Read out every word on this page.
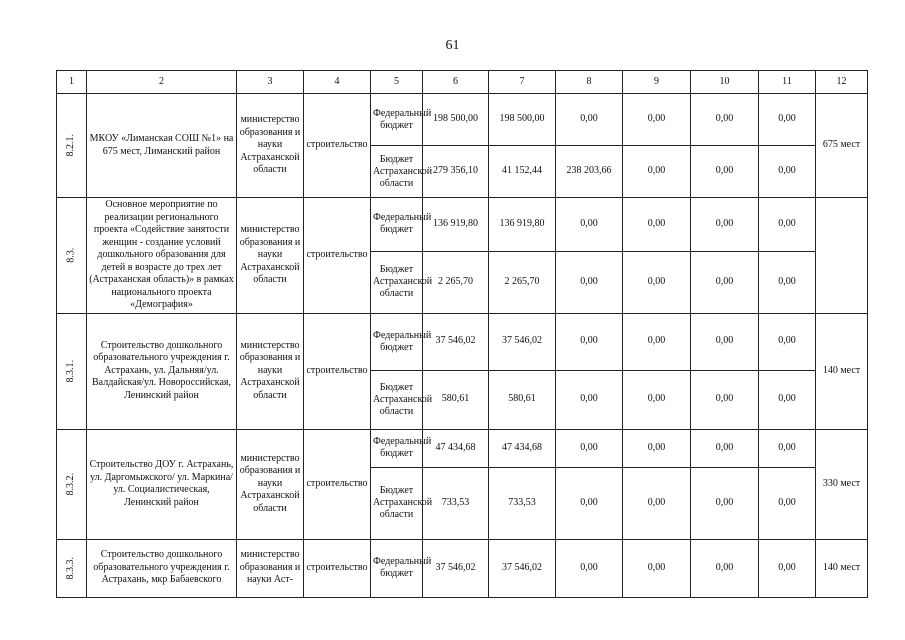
61
1	2	3	4	5	6	7	8	9	10	11	12
8.2.1.	МКОУ «Лиманская СОШ №1» на 675 мест, Лиманский район	министерство образования и науки Астраханской области	строительство	Федеральный бюджет	198 500,00	198 500,00	0,00	0,00	0,00	0,00	675 мест
				Бюджет Астраханской области	279 356,10	41 152,44	238 203,66	0,00	0,00	0,00	
8.3.	Основное мероприятие по реализации регионального проекта «Содействие занятости женщин - создание условий дошкольного образования для детей в возрасте до трех лет (Астраханская область)» в рамках национального проекта «Демография»	министерство образования и науки Астраханской области	строительство	Федеральный бюджет	136 919,80	136 919,80	0,00	0,00	0,00	0,00	
				Бюджет Астраханской области	2 265,70	2 265,70	0,00	0,00	0,00	0,00	
8.3.1.	Строительство дошкольного образовательного учреждения г. Астрахань, ул. Дальняя/ул. Валдайская/ул. Новороссийская, Ленинский район	министерство образования и науки Астраханской области	строительство	Федеральный бюджет	37 546,02	37 546,02	0,00	0,00	0,00	0,00	140 мест
				Бюджет Астраханской области	580,61	580,61	0,00	0,00	0,00	0,00	
8.3.2.	Строительство ДОУ г. Астрахань, ул. Даргомыжского/ ул. Маркина/ ул. Социалистическая, Ленинский район	министерство образования и науки Астраханской области	строительство	Федеральный бюджет	47 434,68	47 434,68	0,00	0,00	0,00	0,00	330 мест
				Бюджет Астраханской области	733,53	733,53	0,00	0,00	0,00	0,00	
8.3.3.	Строительство дошкольного образовательного учреждения г. Астрахань, мкр Бабаевского	министерство образования и науки Аст-	строительство	Федеральный бюджет	37 546,02	37 546,02	0,00	0,00	0,00	0,00	140 мест
